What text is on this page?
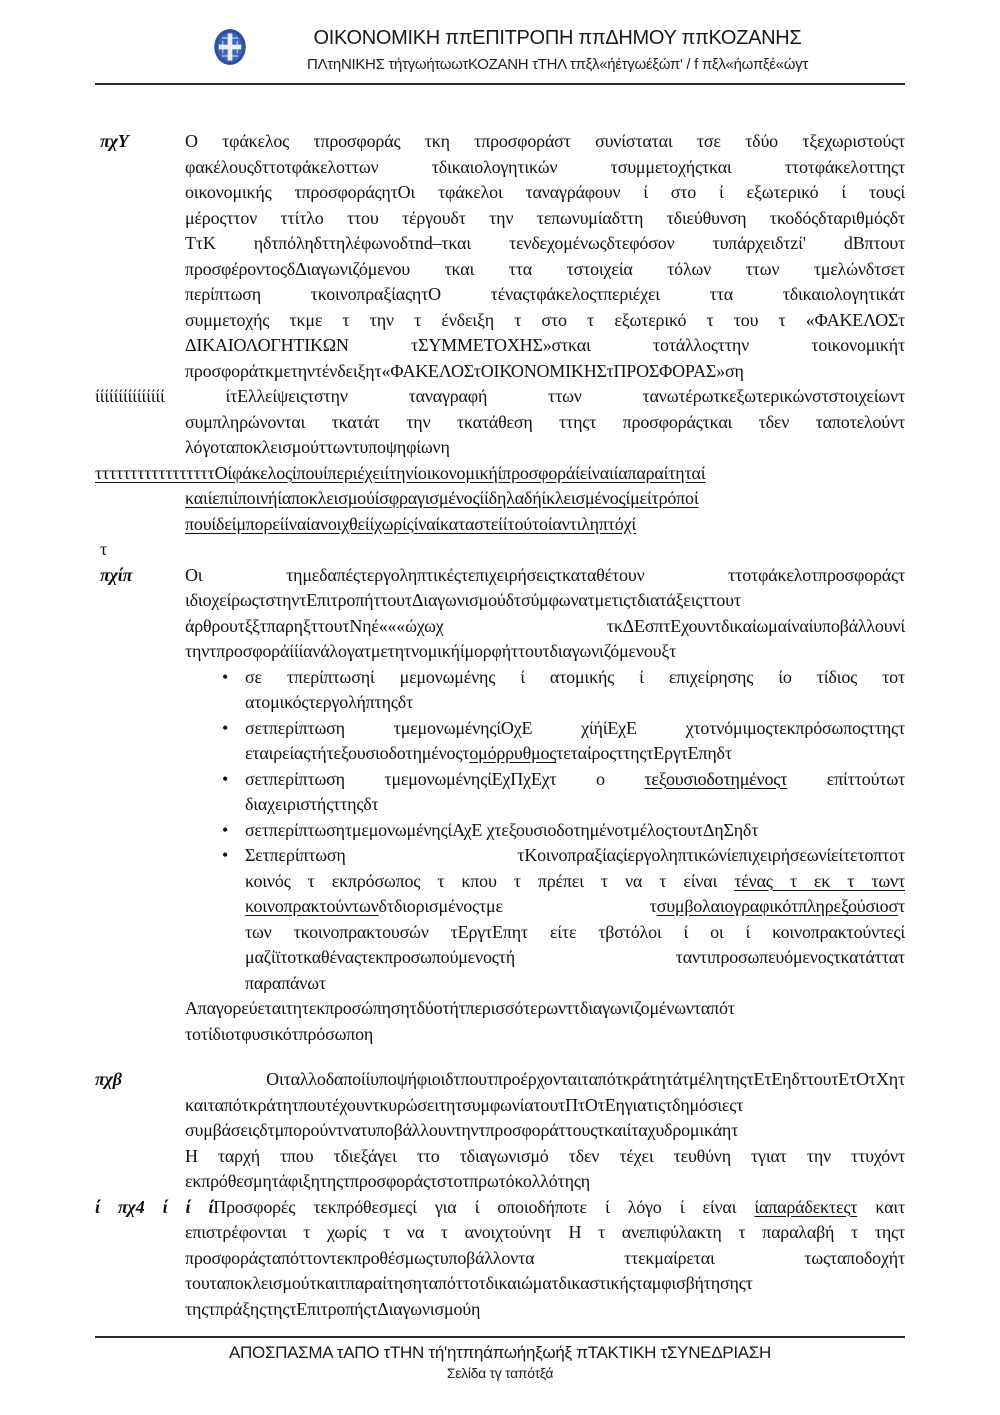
ΟΙΚΟΝΟΜΙΚΗ ππΕΠΙΤΡΟΠΗ ππΔΗΜΟΥ ππΚΟΖΑΝΗΣ
ΠΛτηΝΙΚΗΣ τήτγωήτωωτΚΟΖΑΝΗ τΤΗΛ τπξλ«ήέτγωέξώπ' / f πξλ«ήωπξέ«ώγτ
πχΥ	Ο τφάκελος τπροσφοράς τκη τπροσφοράστ συνίσταται τσε τδύο τξεχωριστούςτ
φακέλουςδττοτφάκελοττων τδικαιολογητικών τσυμμετοχήςτκαι ττοτφάκελοττηςτ
οικονομικής τπροσφοράςητΟι τφάκελοι ταναγράφουν ί στο ί εξωτερικό ί τουςί
μέροςττον ττίτλο ττου τέργουδτ την τεπωνυμίαδττη τδιεύθυνση τκοδόςδταριθμόςδτ
ΤτΚ ηδτπόληδττηλέφωνοδτnd–τκαι τενδεχομένωςδτεφόσον τυπάρχειδτzί' dΒπτουτ
προσφέροντοςδΔιαγωνιζόμενου τκαι ττα τστοιχεία τόλων ττων τμελώνδτσετ
περίπτωση τκοινοπραξίαςητΟ τέναςτφάκελοςτπεριέχει ττα τδικαιολογητικάτ
συμμετοχής τκμε τ την τ ένδειξη τ στο τ εξωτερικό τ του τ «ΦΑΚΕΛΟΣτ
ΔΙΚΑΙΟΛΟΓΗΤΙΚΩΝ τΣΥΜΜΕΤΟΧΗΣ»στκαι τοτάλλοςττην τοικονομικήτ
προσφοράτκμετηντένδειξητ«ΦΑΚΕΛΟΣτΟΙΚΟΝΟΜΙΚΗΣτΠΡΟΣΦΟΡΑΣ»ση
ίίίίίίίίίίίίίίί ίτΕλλείψειςτστην ταναγραφή ττων τανωτέρωτκεξωτερικώνστστοιχείωντ
συμπληρώνονται τκατάτ την τκατάθεση ττηςτ προσφοράςτκαι τδεν ταποτελούντ
λόγοταποκλεισμούττωντυποψηφίωνη
τττττττττττττττττΟίφάκελοςίπουίπεριέχειίτηνίοικονομικήίπροσφοράίείναιίαπαραίτηταί
καιίεπιίποινήίαποκλεισμούίσφραγισμένοςίίδηλαδήίκλεισμένοςίμείτρόποί
πουίδείμπορείίναίανοιχθείίχωρίςίναίκαταστείίτούτοίαντιληπτόχί
τ
πχίπ	Οι τημεδαπέςτεργοληπτικέςτεπιχειρήσειςτκαταθέτουν ττοτφάκελοτπροσφοράςτ
ιδιοχείρωςτστηντΕπιτροπήττουτΔιαγωνισμούδτσύμφωνατμετιςτδιατάξειςττουτ
άρθρουτξξτπαρηξττουτΝηέ«««ώχωχ τκΔΕσπτΕχουντδικαίωμαίναίυποβάλλουνί
τηντπροσφοράίίίανάλογατμετητνομικήίμορφήττουτδιαγωνιζόμενουξτ
• σε τπερίπτωσηί μεμονωμένης ί ατομικής ί επιχείρησης ίο τίδιος τοτ
ατομικόςτεργολήπτηςδτ
• σετπερίπτωση τμεμονωμένηςίΟχΕ χίήίΕχΕ χτοτνόμιμοςτεκπρόσωποςττηςτ
εταιρείαςτήτεξουσιοδοτημένοςτομόρρυθμοςτεταίροςττηςτΕργτΕπηδτ
• σετπερίπτωση τμεμονωμένηςίΕχΠχΕχτ ο τεξουσιοδοτημένοςτ επίττούτωτ
διαχειριστήςττηςδτ
• σετπερίπτωσητμεμονωμένηςίΑχΕ χτεξουσιοδοτημένοτμέλοςτουτΔηΣηδτ
• Σετπερίπτωση τΚοινοπραξίαςίεργοληπτικώνίεπιχειρήσεωνίείτετοπτοτ
κοινός τ εκπρόσωπος τ κπου τ πρέπει τ να τ είναι τένας τ εκ τ τωντ
κοινοπρακτούντωνδτδιορισμένοςτμε τσυμβολαιογραφικότπληρεξούσιοστ
των τκοινοπρακτουσών τΕργτΕπητ είτε τβστόλοι ί οι ί κοινοπρακτούντεςί
μαζίϊτοτκαθέναςτεκπροσωπούμενοςτή ταντιπροσωπευόμενοςτκατάττατ
παραπάνωτ
Απαγορεύεταιτητεκπροσώπησητδύοτήτπερισσότερωνττδιαγωνιζομένωνταπότ
τοτίδιοτφυσικότπρόσωποη
πχβ ΟιταλλοδαποίίυποψήφιοιδτπουτπροέρχονταιταπότκράτητάτμέλητηςτΕτΕηδττουτΕτΟτΧητ
καιταπότκράτητπουτέχουντκυρώσειτητσυμφωνίατουτΠτΟτΕηγιατιςτδημόσιεςτ
συμβάσειςδτμπορούντνατυποβάλλουντηντπροσφοράττουςτκαιίταχυδρομικάητ
Η ταρχή τπου τδιεξάγει ττο τδιαγωνισμό τδεν τέχει τευθύνη τγιατ την ττυχόντ
εκπρόθεσμητάφιξητηςτπροσφοράςτστοτπρωτόκολλότηςη
ί πχ4 ί ί ίΠροσφορές τεκπρόθεσμεςί για ί οποιοδήποτε ί λόγο ί είναι ίαπαράδεκτεςτ καιτ
επιστρέφονται τ χωρίς τ να τ ανοιχτούνητ Η τ ανεπιφύλακτη τ παραλαβή τ τηςτ
προσφοράςταπόττοντεκπροθέσμωςτυποβάλλοντα ττεκμαίρεται τωςταποδοχήτ
τουταποκλεισμούτκαιτπαραίτησηταπόττοτδικαιώματδικαστικήςταμφισβήτησηςτ
τηςτπράξηςτηςτΕπιτροπήςτΔιαγωνισμούη
ΑΠΟΣΠΑΣΜΑ τΑΠΟ τΤΗΝ τή'ητπηάπωήηξωήξ πΤΑΚΤΙΚΗ τΣΥΝΕΔΡΙΑΣΗ
Σελίδα τγ ταπότξά
